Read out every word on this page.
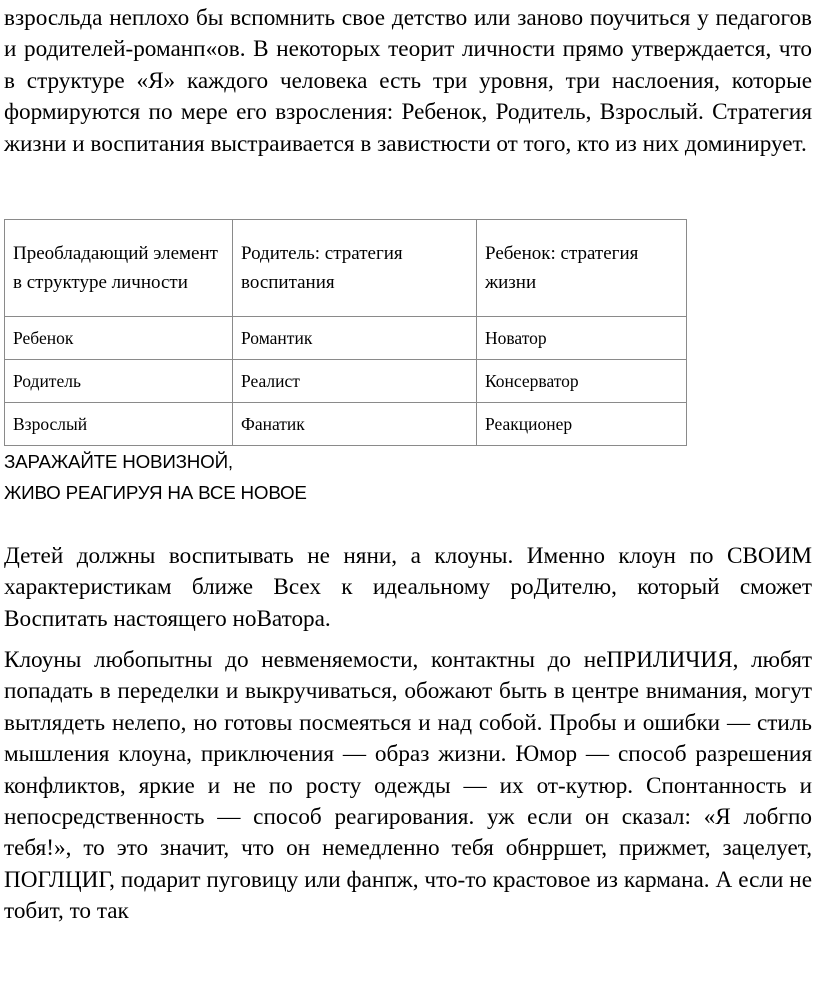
взросльда неплохо бы вспомнить свое детство или заново поучиться у педагогов и родителей-романп«ов. В некоторых теорит личности прямо утверждается, что в структуре «Я» каждого человека есть три уровня, три наслоения, которые формируются по мере его взросления: Ребенок, Родитель, Взрослый. Стратегия жизни и воспитания выстраивается в завистюсти от того, кто из них доминирует.

Преобладающий элемент в структуре личности	Родитель: стратегия воспитания	Ребенок: стратегия жизни
Ребенок	Романтик	Новатор
Родитель	Реалист	Консерватор
Взрослый	Фанатик	Реакционер
ЗАРАЖАЙТЕ НОВИЗНОЙ,
ЖИВО РЕАГИРУЯ НА ВСЕ НОВОЕ

Детей должны воспитывать не няни, а клоуны. Именно клоун по СВОИМ характеристикам ближе Всех к идеальному роДителю, который сможет Воспитать настоящего ноВатора.

Клоуны любопытны до невменяемости, контактны до неПРИЛИЧИЯ, любят попадать в переделки и выкручиваться, обожают быть в центре внимания, могут вытлядеть нелепо, но готовы посмеяться и над собой. Пробы и ошибки — стиль мышления клоуна, приключения — образ жизни. Юмор — способ разрешения конфликтов, яркие и не по росту одежды — их от-кутюр. Спонтанность и непосредственность — способ реагирования. уж если он сказал: «Я лобгпо тебя!», то это значит, что он немедленно тебя обнрршет, прижмет, зацелует, ПОГЛЦИГ, подарит пуговицу или фанпж, что-то крастовое из кармана. А если не тобит, то так
